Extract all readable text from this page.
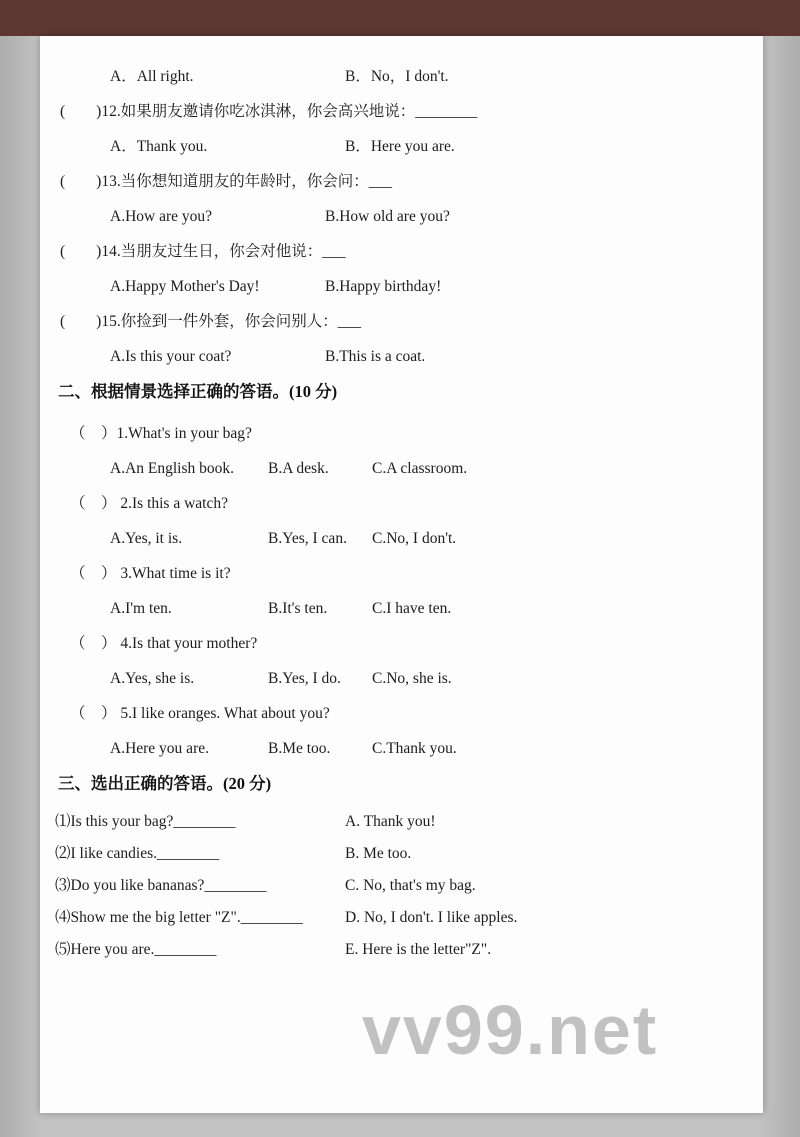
A．All right.	B．No，I don't.
(　　)12.如果朋友邀请你吃冰淇淋，你会高兴地说：________
A．Thank you.	B．Here you are.
(　　)13.当你想知道朋友的年龄时，你会问：___
A.How are you?	B.How old are you?
(　　)14.当朋友过生日，你会对他说：___
A.Happy Mother's Day!	B.Happy birthday!
(　　)15.你捡到一件外套，你会问别人：___
A.Is this your coat?	B.This is a coat.
二、根据情景选择正确的答语。(10 分)
（　）1.What's in your bag?
A.An English book.	B.A desk.	C.A classroom.
（　） 2.Is this a watch?
A.Yes, it is.	B.Yes, I can.	C.No, I don't.
（　） 3.What time is it?
A.I'm ten.	B.It's ten.	C.I have ten.
（　） 4.Is that your mother?
A.Yes, she is.	B.Yes, I do.	C.No, she is.
（　） 5.I like oranges. What about you?
A.Here you are.	B.Me too.	C.Thank you.
三、选出正确的答语。(20 分)
⑴Is this your bag?________	A. Thank you!
⑵I like candies.________	B. Me too.
⑶Do you like bananas?________	C. No, that's my bag.
⑷Show me the big letter "Z".________	D. No, I don't. I like apples.
⑸Here you are.________	E. Here is the letter"Z".
vv99.net
